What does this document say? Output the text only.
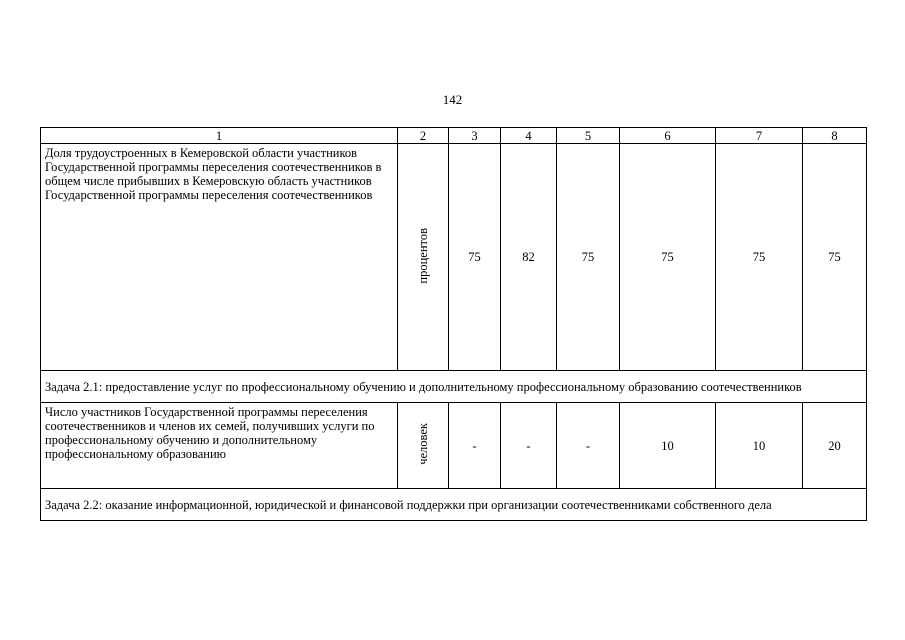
142
1	2	3	4	5	6	7	8
Доля трудоустроенных в Кемеровской области участников Государственной программы переселения соотечественников в общем числе прибывших в Кемеровскую область участников Государственной программы переселения соотечественников	процентов	75	82	75	75	75	75
Задача 2.1: предоставление услуг по профессиональному обучению и дополнительному профессиональному образованию соотечественников							
Число участников Государственной программы переселения соотечественников и членов их семей, получивших услуги по профессиональному обучению и дополнительному профессиональному образованию	человек	-	-	-	10	10	20
Задача 2.2: оказание информационной, юридической и финансовой поддержки при организации соотечественниками собственного дела							
